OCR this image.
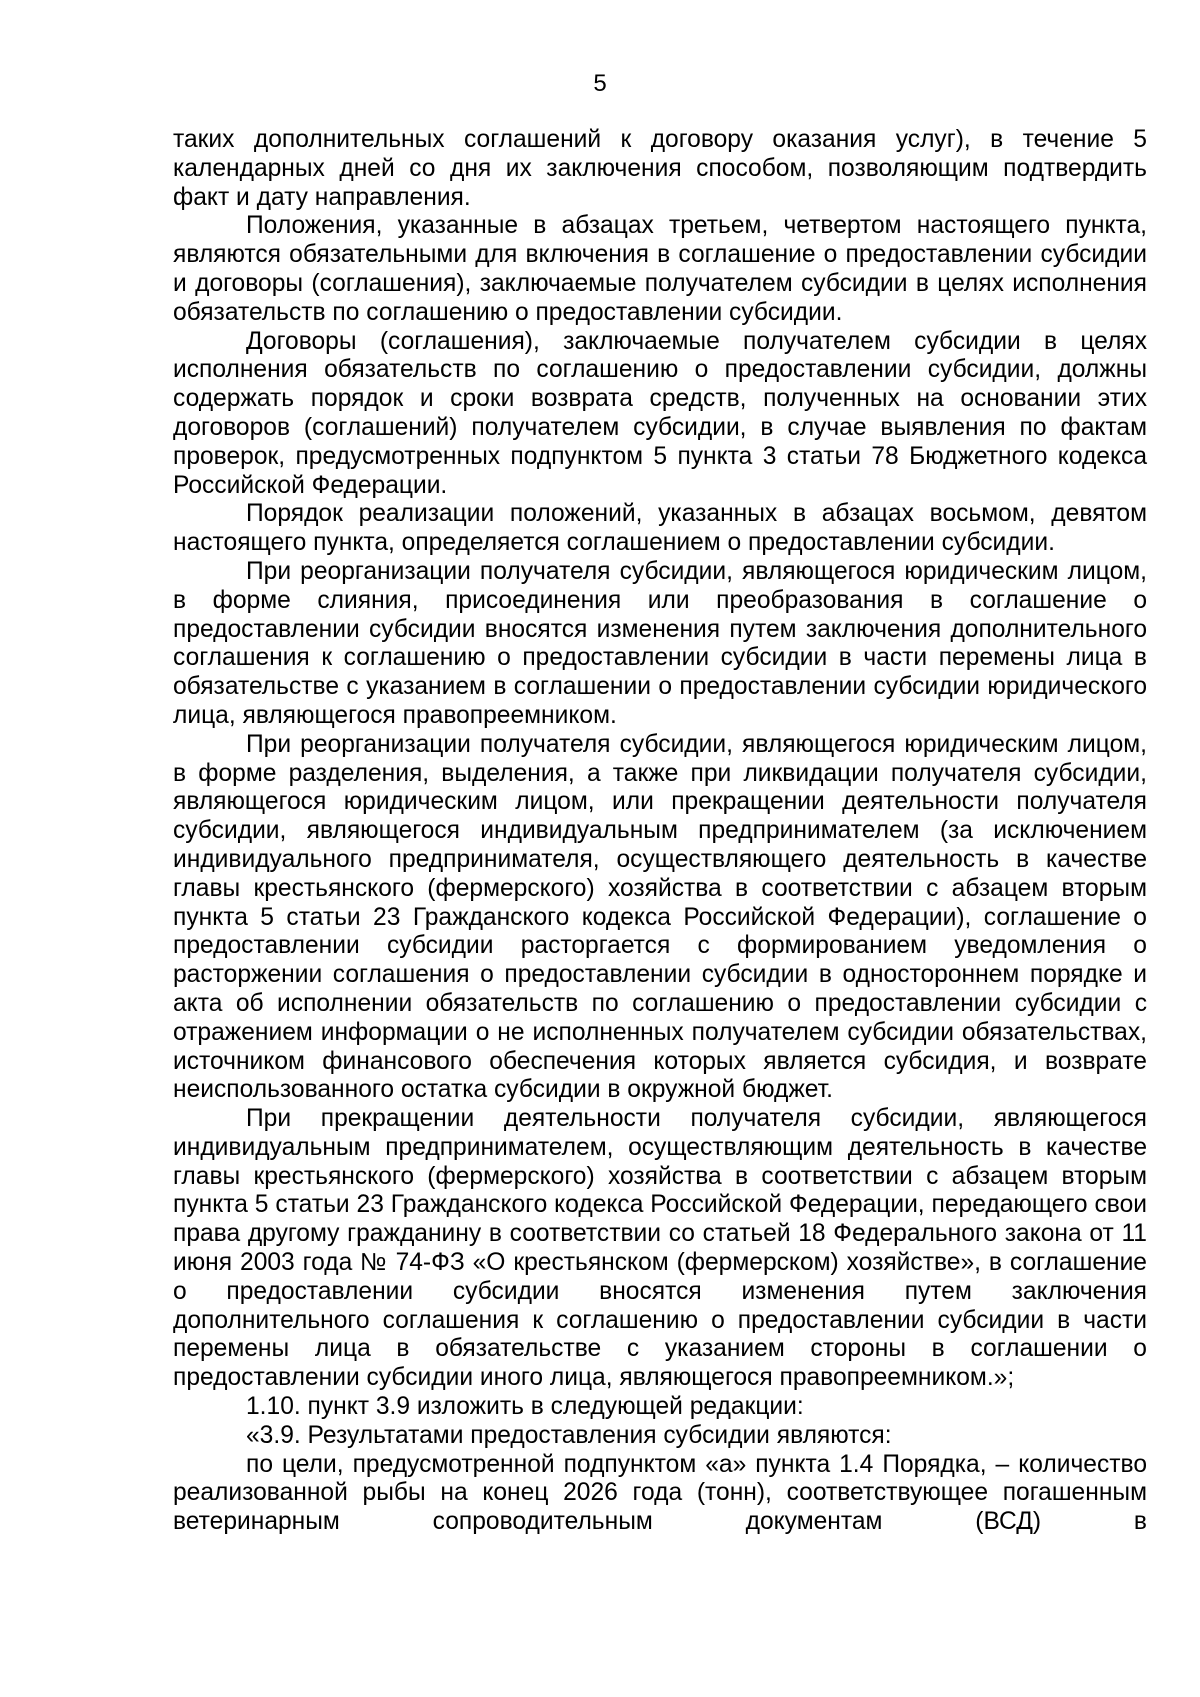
5

таких дополнительных соглашений к договору оказания услуг), в течение 5 календарных дней со дня их заключения способом, позволяющим подтвердить факт и дату направления.

Положения, указанные в абзацах третьем, четвертом настоящего пункта, являются обязательными для включения в соглашение о предоставлении субсидии и договоры (соглашения), заключаемые получателем субсидии в целях исполнения обязательств по соглашению о предоставлении субсидии.

Договоры (соглашения), заключаемые получателем субсидии в целях исполнения обязательств по соглашению о предоставлении субсидии, должны содержать порядок и сроки возврата средств, полученных на основании этих договоров (соглашений) получателем субсидии, в случае выявления по фактам проверок, предусмотренных подпунктом 5 пункта 3 статьи 78 Бюджетного кодекса Российской Федерации.

Порядок реализации положений, указанных в абзацах восьмом, девятом настоящего пункта, определяется соглашением о предоставлении субсидии.

При реорганизации получателя субсидии, являющегося юридическим лицом, в форме слияния, присоединения или преобразования в соглашение о предоставлении субсидии вносятся изменения путем заключения дополнительного соглашения к соглашению о предоставлении субсидии в части перемены лица в обязательстве с указанием в соглашении о предоставлении субсидии юридического лица, являющегося правопреемником.

При реорганизации получателя субсидии, являющегося юридическим лицом, в форме разделения, выделения, а также при ликвидации получателя субсидии, являющегося юридическим лицом, или прекращении деятельности получателя субсидии, являющегося индивидуальным предпринимателем (за исключением индивидуального предпринимателя, осуществляющего деятельность в качестве главы крестьянского (фермерского) хозяйства в соответствии с абзацем вторым пункта 5 статьи 23 Гражданского кодекса Российской Федерации), соглашение о предоставлении субсидии расторгается с формированием уведомления о расторжении соглашения о предоставлении субсидии в одностороннем порядке и акта об исполнении обязательств по соглашению о предоставлении субсидии с отражением информации о не исполненных получателем субсидии обязательствах, источником финансового обеспечения которых является субсидия, и возврате неиспользованного остатка субсидии в окружной бюджет.

При прекращении деятельности получателя субсидии, являющегося индивидуальным предпринимателем, осуществляющим деятельность в качестве главы крестьянского (фермерского) хозяйства в соответствии с абзацем вторым пункта 5 статьи 23 Гражданского кодекса Российской Федерации, передающего свои права другому гражданину в соответствии со статьей 18 Федерального закона от 11 июня 2003 года № 74-ФЗ «О крестьянском (фермерском) хозяйстве», в соглашение о предоставлении субсидии вносятся изменения путем заключения дополнительного соглашения к соглашению о предоставлении субсидии в части перемены лица в обязательстве с указанием стороны в соглашении о предоставлении субсидии иного лица, являющегося правопреемником.»;

1.10. пункт 3.9 изложить в следующей редакции:

«3.9. Результатами предоставления субсидии являются:

по цели, предусмотренной подпунктом «а» пункта 1.4 Порядка, – количество реализованной рыбы на конец 2026 года (тонн), соответствующее погашенным ветеринарным сопроводительным документам (ВСД) в
